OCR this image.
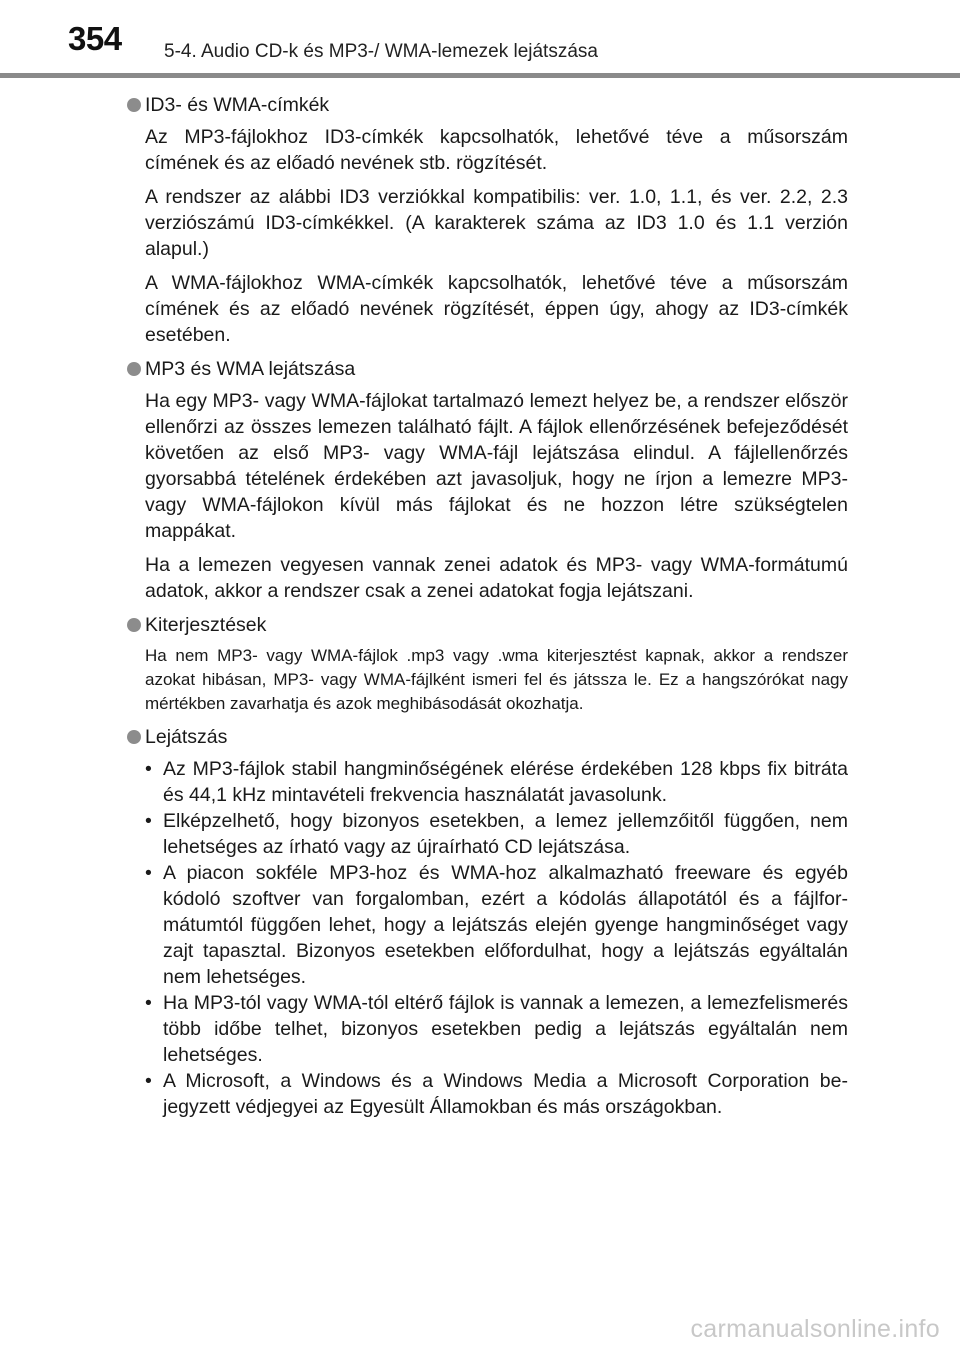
354 5-4. Audio CD-k és MP3-/ WMA-lemezek lejátszása
ID3- és WMA-címkék

Az MP3-fájlokhoz ID3-címkék kapcsolhatók, lehetővé téve a műsorszám címének és az előadó nevének stb. rögzítését.

A rendszer az alábbi ID3 verziókkal kompatibilis: ver. 1.0, 1.1, és ver. 2.2, 2.3 verziószámú ID3-címkékkel. (A karakterek száma az ID3 1.0 és 1.1 verzión alapul.)

A WMA-fájlokhoz WMA-címkék kapcsolhatók, lehetővé téve a műsorszám címének és az előadó nevének rögzítését, éppen úgy, ahogy az ID3-címkék esetében.

MP3 és WMA lejátszása

Ha egy MP3- vagy WMA-fájlokat tartalmazó lemezt helyez be, a rendszer először ellenőrzi az összes lemezen található fájlt. A fájlok ellenőrzésének befejeződését követően az első MP3- vagy WMA-fájl lejátszása elindul. A fájlellenőrzés gyorsabbá tételének érdekében azt javasoljuk, hogy ne írjon a lemezre MP3- vagy WMA-fájlokon kívül más fájlokat és ne hozzon létre szükségtelen mappákat.

Ha a lemezen vegyesen vannak zenei adatok és MP3- vagy WMA-formátumú adatok, akkor a rendszer csak a zenei adatokat fogja lejátszani.

Kiterjesztések

Ha nem MP3- vagy WMA-fájlok .mp3 vagy .wma kiterjesztést kapnak, akkor a rendszer azokat hibásan, MP3- vagy WMA-fájlként ismeri fel és játssza le. Ez a hangszórókat nagy mértékben zavarhatja és azok meghibásodását okozhatja.

Lejátszás
• Az MP3-fájlok stabil hangminőségének elérése érdekében 128 kbps fix bitráta és 44,1 kHz mintavételi frekvencia használatát javasolunk.
• Elképzelhető, hogy bizonyos esetekben, a lemez jellemzőitől függően, nem lehetséges az írható vagy az újraírható CD lejátszása.
• A piacon sokféle MP3-hoz és WMA-hoz alkalmazható freeware és egyéb kódoló szoftver van forgalomban, ezért a kódolás állapotától és a fájlformátumtól függően lehet, hogy a lejátszás elején gyenge hangminőséget vagy zajt tapasztal. Bizonyos esetekben előfordulhat, hogy a lejátszás egyáltalán nem lehetséges.
• Ha MP3-tól vagy WMA-tól eltérő fájlok is vannak a lemezen, a lemezfelismerés több időbe telhet, bizonyos esetekben pedig a lejátszás egyáltalán nem lehetséges.
• A Microsoft, a Windows és a Windows Media a Microsoft Corporation bejegyzett védjegyei az Egyesült Államokban és más országokban.
carmanualsonline.info
